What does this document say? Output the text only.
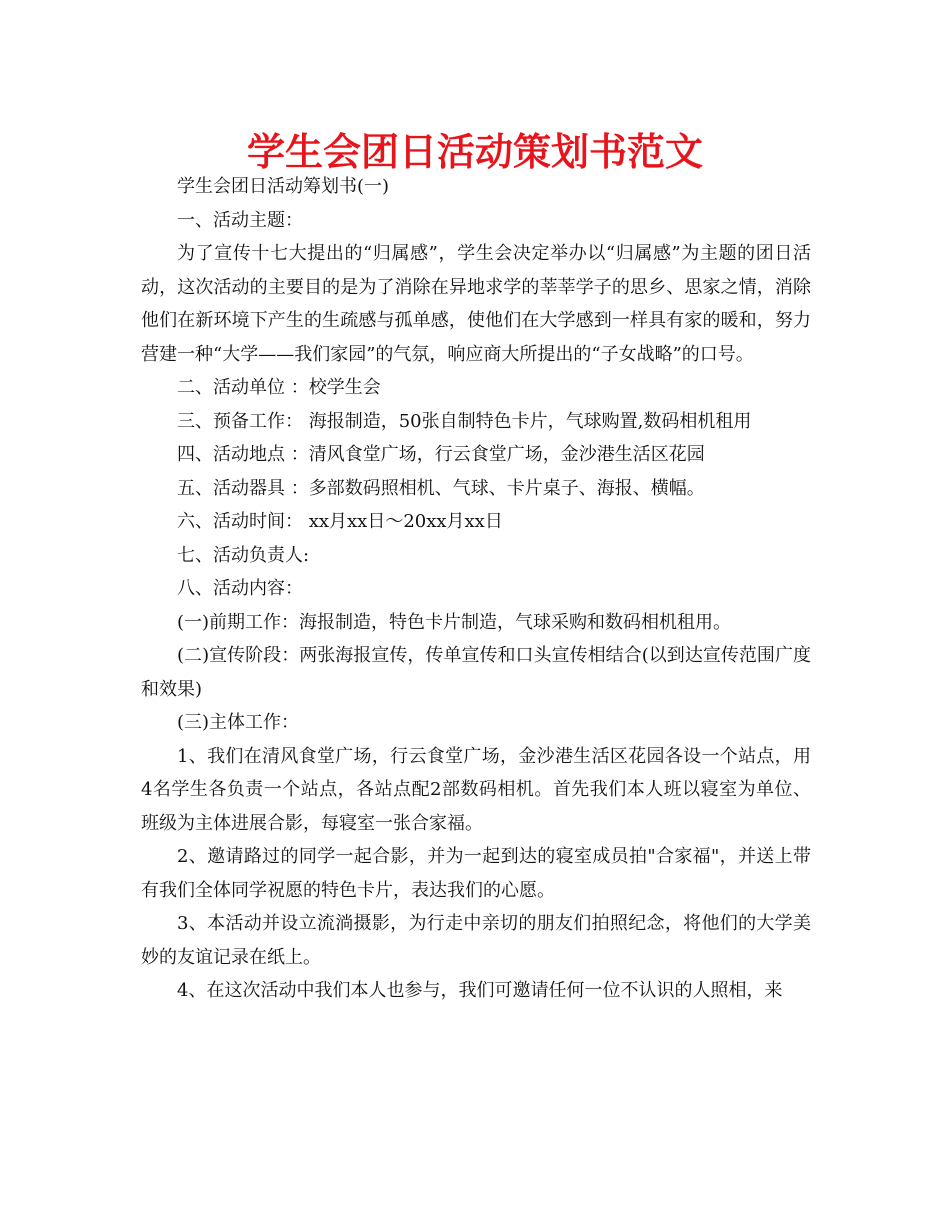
学生会团日活动策划书范文

学生会团日活动筹划书(一)

一、活动主题：

为了宣传十七大提出的“归属感”，学生会决定举办以“归属感”为主题的团日活动，这次活动的主要目的是为了消除在异地求学的莘莘学子的思乡、思家之情，消除他们在新环境下产生的生疏感与孤单感，使他们在大学感到一样具有家的暖和，努力营建一种“大学——我们家园”的气氛，响应商大所提出的“子女战略”的口号。

二、活动单位 ：校学生会

三、预备工作： 海报制造，50张自制特色卡片，气球购置,数码相机租用

四、活动地点 ：清风食堂广场，行云食堂广场，金沙港生活区花园

五、活动器具 ：多部数码照相机、气球、卡片桌子、海报、横幅。

六、活动时间： xx月xx日～20xx月xx日

七、活动负责人:

八、活动内容：

(一)前期工作：海报制造，特色卡片制造，气球采购和数码相机租用。

(二)宣传阶段：两张海报宣传，传单宣传和口头宣传相结合(以到达宣传范围广度和效果)

(三)主体工作：

1、我们在清风食堂广场，行云食堂广场，金沙港生活区花园各设一个站点，用4名学生各负责一个站点，各站点配2部数码相机。首先我们本人班以寝室为单位、班级为主体进展合影，每寝室一张合家福。

2、邀请路过的同学一起合影，并为一起到达的寝室成员拍"合家福"，并送上带有我们全体同学祝愿的特色卡片，表达我们的心愿。

3、本活动并设立流淌摄影，为行走中亲切的朋友们拍照纪念，将他们的大学美妙的友谊记录在纸上。

4、在这次活动中我们本人也参与，我们可邀请任何一位不认识的人照相，来
